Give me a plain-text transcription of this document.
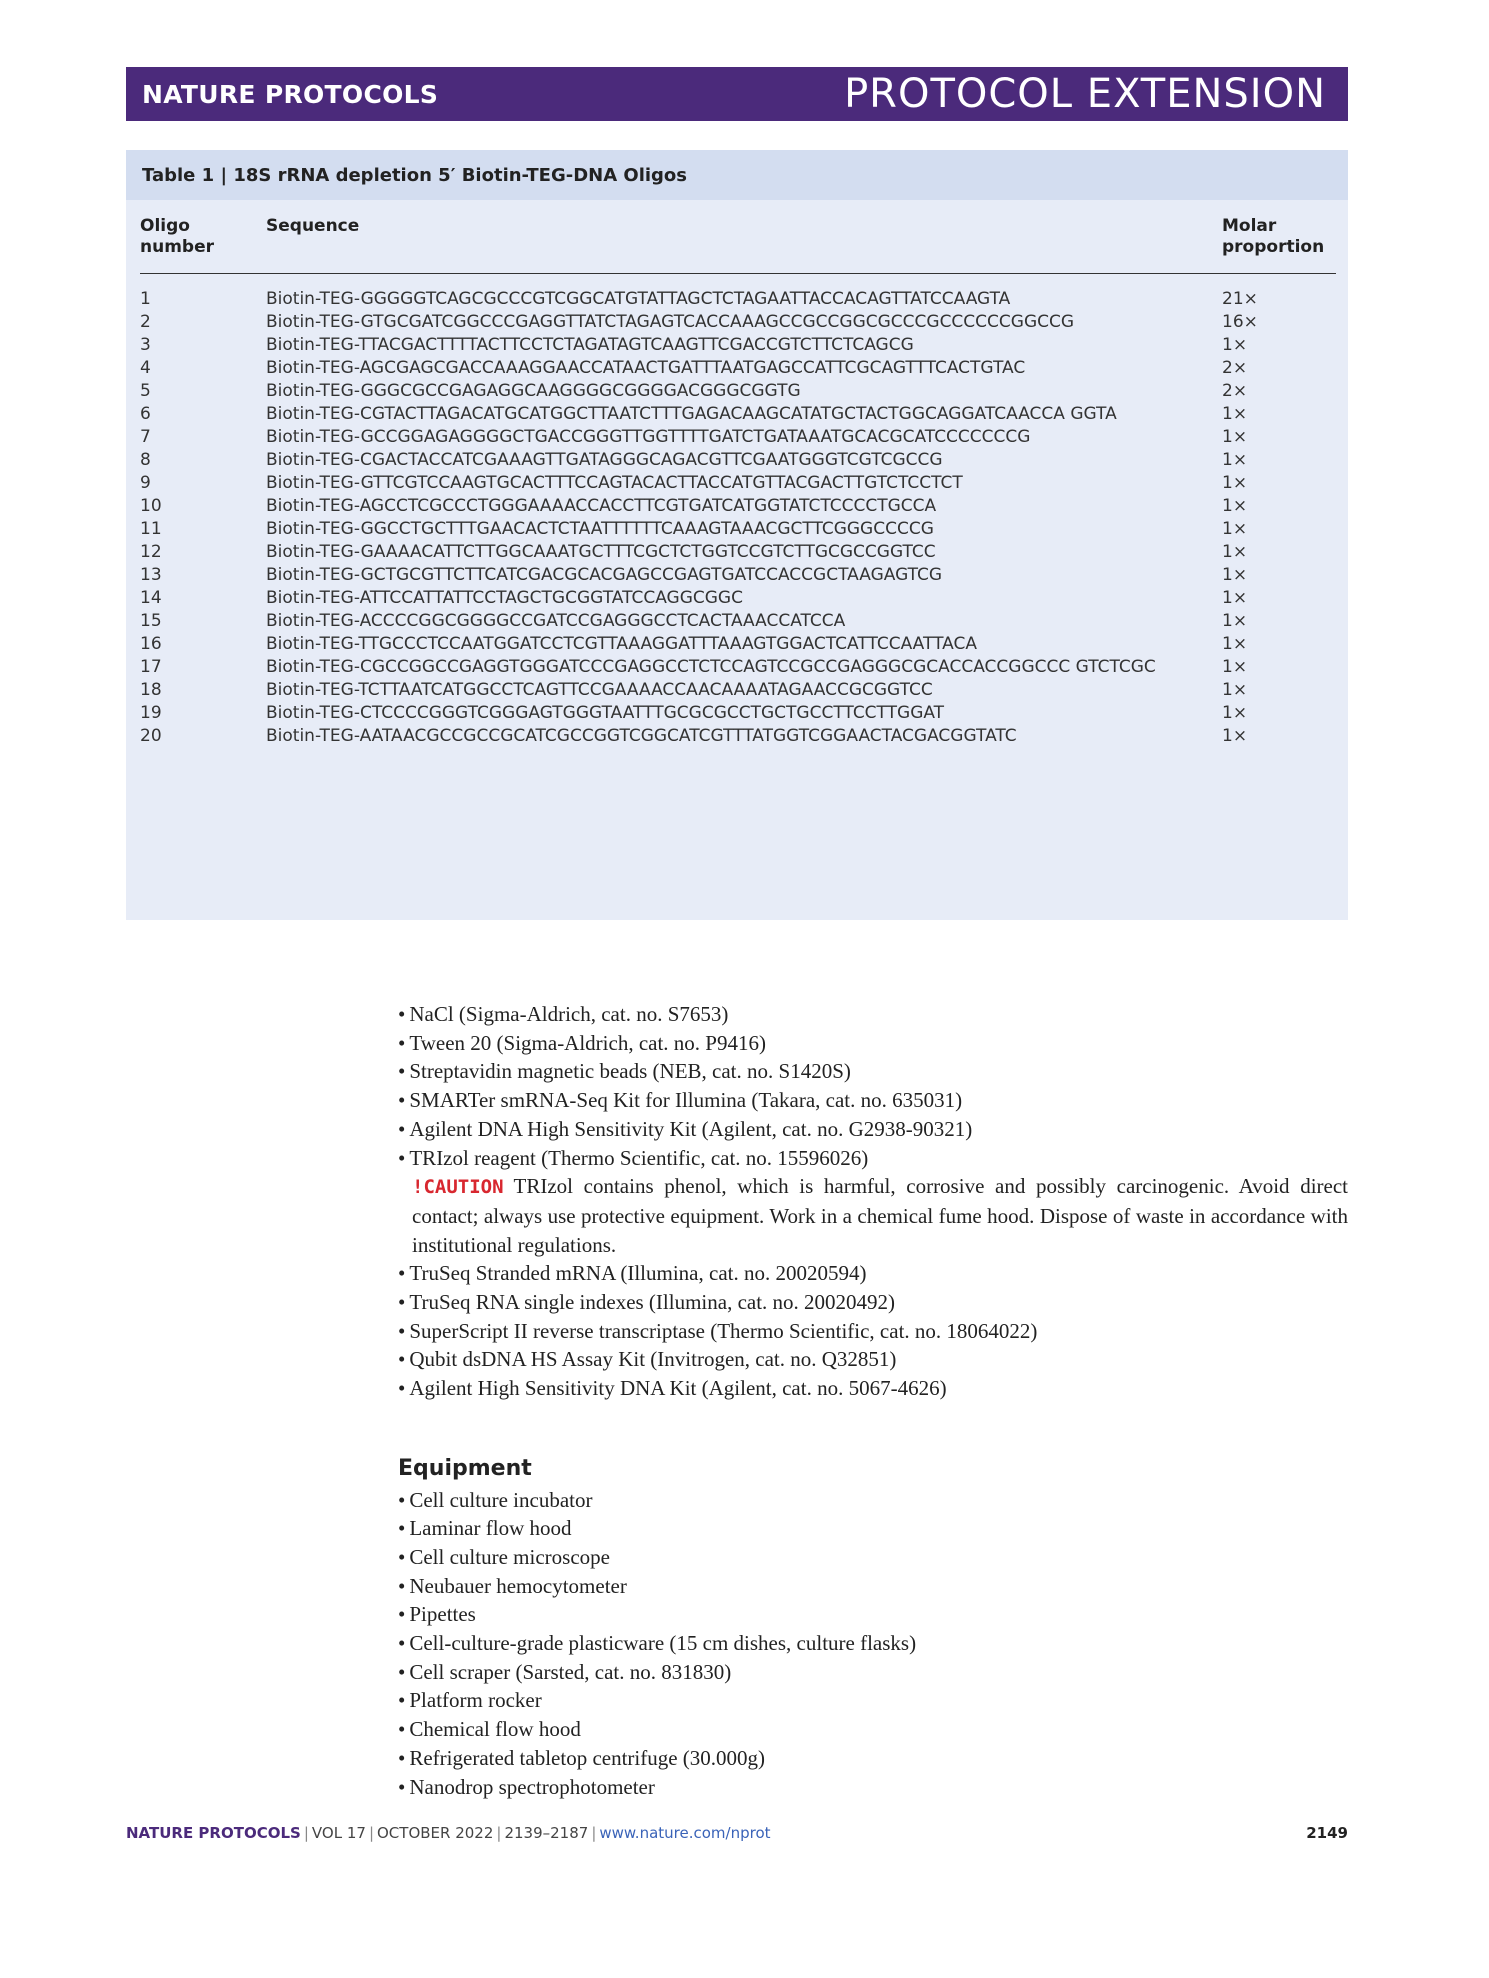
NATURE PROTOCOLS	PROTOCOL EXTENSION
Table 1 | 18S rRNA depletion 5′ Biotin-TEG-DNA Oligos
Oligo
number
Sequence	Molar
proportion
1	Biotin-TEG-GGGGGTCAGCGCCCGTCGGCATGTATTAGCTCTAGAATTACCACAGTTATCCAAGTA	21×
2	Biotin-TEG-GTGCGATCGGCCCGAGGTTATCTAGAGTCACCAAAGCCGCCGGCGCCCGCCCCCCGGCCG	16×
3	Biotin-TEG-TTACGACTTTTACTTCCTCTAGATAGTCAAGTTCGACCGTCTTCTCAGCG	1×
4	Biotin-TEG-AGCGAGCGACCAAAGGAACCATAACTGATTTAATGAGCCATTCGCAGTTTCACTGTAC	2×
5	Biotin-TEG-GGGCGCCGAGAGGCAAGGGGCGGGGACGGGCGGTG	2×
6	Biotin-TEG-CGTACTTAGACATGCATGGCTTAATCTTTGAGACAAGCATATGCTACTGGCAGGATCAACCA GGTA	1×
7	Biotin-TEG-GCCGGAGAGGGGCTGACCGGGTTGGTTTTGATCTGATAAATGCACGCATCCCCCCCG	1×
8	Biotin-TEG-CGACTACCATCGAAAGTTGATAGGGCAGACGTTCGAATGGGTCGTCGCCG	1×
9	Biotin-TEG-GTTCGTCCAAGTGCACTTTCCAGTACACTTACCATGTTACGACTTGTCTCCTCT	1×
10	Biotin-TEG-AGCCTCGCCCTGGGAAAACCACCTTCGTGATCATGGTATCTCCCCTGCCA	1×
11	Biotin-TEG-GGCCTGCTTTGAACACTCTAATTTTTTCAAAGTAAACGCTTCGGGCCCCG	1×
12	Biotin-TEG-GAAAACATTCTTGGCAAATGCTTTCGCTCTGGTCCGTCTTGCGCCGGTCC	1×
13	Biotin-TEG-GCTGCGTTCTTCATCGACGCACGAGCCGAGTGATCCACCGCTAAGAGTCG	1×
14	Biotin-TEG-ATTCCATTATTCCTAGCTGCGGTATCCAGGCGGC	1×
15	Biotin-TEG-ACCCCGGCGGGGCCGATCCGAGGGCCTCACTAAACCATCCA	1×
16	Biotin-TEG-TTGCCCTCCAATGGATCCTCGTTAAAGGATTTAAAGTGGACTCATTCCAATTACA	1×
17	Biotin-TEG-CGCCGGCCGAGGTGGGATCCCGAGGCCTCTCCAGTCCGCCGAGGGCGCACCACCGGCCC GTCTCGC	1×
18	Biotin-TEG-TCTTAATCATGGCCTCAGTTCCGAAAACCAACAAAATAGAACCGCGGTCC	1×
19	Biotin-TEG-CTCCCCGGGTCGGGAGTGGGTAATTTGCGCGCCTGCTGCCTTCCTTGGAT	1×
20	Biotin-TEG-AATAACGCCGCCGCATCGCCGGTCGGCATCGTTTATGGTCGGAACTACGACGGTATC	1×
• NaCl (Sigma-Aldrich, cat. no. S7653)
• Tween 20 (Sigma-Aldrich, cat. no. P9416)
• Streptavidin magnetic beads (NEB, cat. no. S1420S)
• SMARTer smRNA-Seq Kit for Illumina (Takara, cat. no. 635031)
• Agilent DNA High Sensitivity Kit (Agilent, cat. no. G2938-90321)
• TRIzol reagent (Thermo Scientific, cat. no. 15596026)

!CAUTION TRIzol contains phenol, which is harmful, corrosive and possibly carcinogenic. Avoid direct contact; always use protective equipment. Work in a chemical fume hood. Dispose of waste in accordance with institutional regulations.

• TruSeq Stranded mRNA (Illumina, cat. no. 20020594)
• TruSeq RNA single indexes (Illumina, cat. no. 20020492)
• SuperScript II reverse transcriptase (Thermo Scientific, cat. no. 18064022)
• Qubit dsDNA HS Assay Kit (Invitrogen, cat. no. Q32851)
• Agilent High Sensitivity DNA Kit (Agilent, cat. no. 5067-4626)
Equipment
• Cell culture incubator
• Laminar flow hood
• Cell culture microscope
• Neubauer hemocytometer
• Pipettes
• Cell-culture-grade plasticware (15 cm dishes, culture flasks)
• Cell scraper (Sarsted, cat. no. 831830)
• Platform rocker
• Chemical flow hood
• Refrigerated tabletop centrifuge (30.000g)
• Nanodrop spectrophotometer
NATURE PROTOCOLS | VOL 17 | OCTOBER 2022 | 2139–2187 | www.nature.com/nprot	2149
